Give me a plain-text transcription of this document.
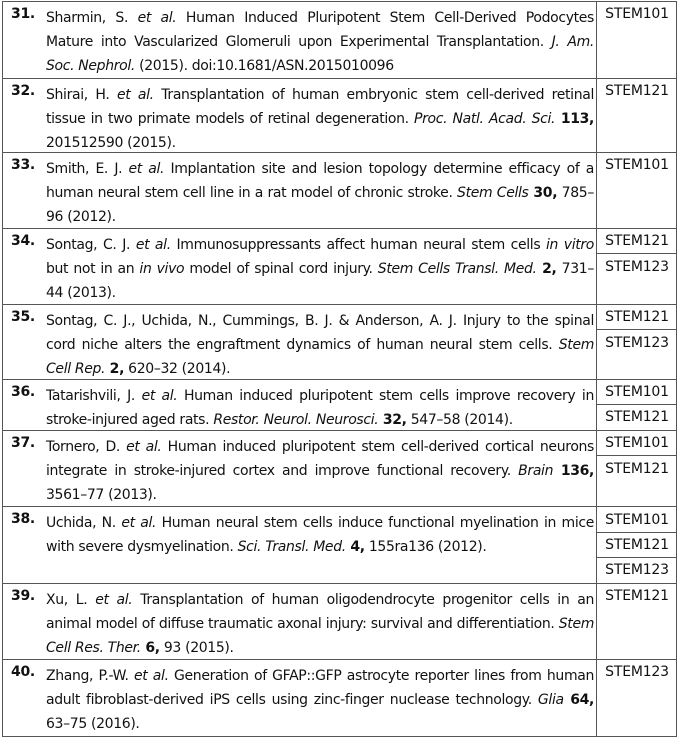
31. Sharmin, S. et al. Human Induced Pluripotent Stem Cell-Derived Podocytes Mature into Vascularized Glomeruli upon Experimental Transplantation. J. Am. Soc. Nephrol. (2015). doi:10.1681/ASN.2015010096
STEM101
32. Shirai, H. et al. Transplantation of human embryonic stem cell-derived retinal tissue in two primate models of retinal degeneration. Proc. Natl. Acad. Sci. 113, 201512590 (2015).
STEM121
33. Smith, E. J. et al. Implantation site and lesion topology determine efficacy of a human neural stem cell line in a rat model of chronic stroke. Stem Cells 30, 785–96 (2012).
STEM101
34. Sontag, C. J. et al. Immunosuppressants affect human neural stem cells in vitro but not in an in vivo model of spinal cord injury. Stem Cells Transl. Med. 2, 731–44 (2013).
STEM121
STEM123
35. Sontag, C. J., Uchida, N., Cummings, B. J. & Anderson, A. J. Injury to the spinal cord niche alters the engraftment dynamics of human neural stem cells. Stem Cell Rep. 2, 620–32 (2014).
STEM121
STEM123
36. Tatarishvili, J. et al. Human induced pluripotent stem cells improve recovery in stroke-injured aged rats. Restor. Neurol. Neurosci. 32, 547–58 (2014).
STEM101
STEM121
37. Tornero, D. et al. Human induced pluripotent stem cell-derived cortical neurons integrate in stroke-injured cortex and improve functional recovery. Brain 136, 3561–77 (2013).
STEM101
STEM121
38. Uchida, N. et al. Human neural stem cells induce functional myelination in mice with severe dysmyelination. Sci. Transl. Med. 4, 155ra136 (2012).
STEM101
STEM121
STEM123
39. Xu, L. et al. Transplantation of human oligodendrocyte progenitor cells in an animal model of diffuse traumatic axonal injury: survival and differentiation. Stem Cell Res. Ther. 6, 93 (2015).
STEM121
40. Zhang, P.-W. et al. Generation of GFAP::GFP astrocyte reporter lines from human adult fibroblast-derived iPS cells using zinc-finger nuclease technology. Glia 64, 63–75 (2016).
STEM123
